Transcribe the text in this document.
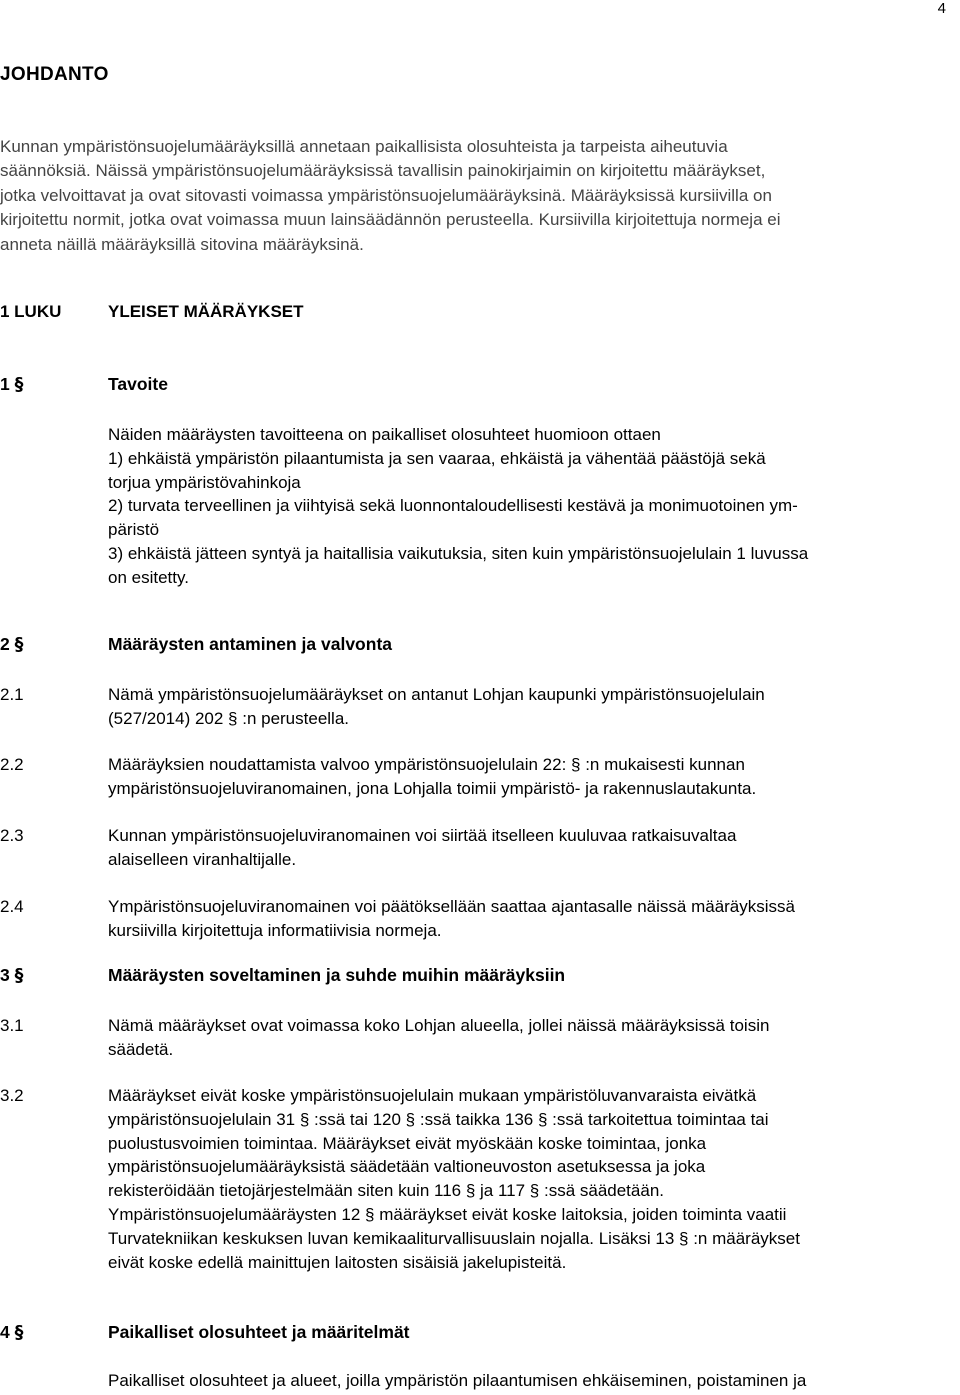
4
JOHDANTO

Kunnan ympäristönsuojelumääräyksillä annetaan paikallisista olosuhteista ja tarpeista aiheutuvia

säännöksiä. Näissä ympäristönsuojelumääräyksissä tavallisin painokirjaimin on kirjoitettu määräykset,

jotka velvoittavat ja ovat sitovasti voimassa ympäristönsuojelumääräyksinä. Määräyksissä kursiivilla on

kirjoitettu normit, jotka ovat voimassa muun lainsäädännön perusteella. Kursiivilla kirjoitettuja normeja ei

anneta näillä määräyksillä sitovina määräyksinä.

1 LUKU	YLEISET MÄÄRÄYKSET
1 §	Tavoite

Näiden määräysten tavoitteena on paikalliset olosuhteet huomioon ottaen

1) ehkäistä ympäristön pilaantumista ja sen vaaraa, ehkäistä ja vähentää päästöjä sekä

torjua ympäristövahinkoja

2) turvata terveellinen ja viihtyisä sekä luonnontaloudellisesti kestävä ja monimuotoinen ym-

päristö

3) ehkäistä jätteen syntyä ja haitallisia vaikutuksia, siten kuin ympäristönsuojelulain 1 luvussa

on esitetty.

2 §	Määräysten antaminen ja valvonta
2.1	Nämä ympäristönsuojelumääräykset on antanut Lohjan kaupunki ympäristönsuojelulain

(527/2014) 202 § :n perusteella.

2.2	Määräyksien noudattamista valvoo ympäristönsuojelulain 22: § :n mukaisesti kunnan

ympäristönsuojeluviranomainen, jona Lohjalla toimii ympäristö- ja rakennuslautakunta.

2.3	Kunnan ympäristönsuojeluviranomainen voi siirtää itselleen kuuluvaa ratkaisuvaltaa

alaiselleen viranhaltijalle.

2.4	Ympäristönsuojeluviranomainen voi päätöksellään saattaa ajantasalle näissä määräyksissä

kursiivilla kirjoitettuja informatiivisia normeja.

3 §	Määräysten soveltaminen ja suhde muihin määräyksiin
3.1	Nämä määräykset ovat voimassa koko Lohjan alueella, jollei näissä määräyksissä toisin

säädetä.

3.2	Määräykset eivät koske ympäristönsuojelulain mukaan ympäristöluvanvaraista eivätkä

ympäristönsuojelulain 31 § :ssä tai 120 § :ssä taikka 136 § :ssä tarkoitettua toimintaa tai

puolustusvoimien toimintaa. Määräykset eivät myöskään koske toimintaa, jonka

ympäristönsuojelumääräyksistä säädetään valtioneuvoston asetuksessa ja joka

rekisteröidään tietojärjestelmään siten kuin 116 § ja 117 § :ssä säädetään.

Ympäristönsuojelumääräysten 12 § määräykset eivät koske laitoksia, joiden toiminta vaatii

Turvatekniikan keskuksen luvan kemikaaliturvallisuuslain nojalla. Lisäksi 13 § :n määräykset

eivät koske edellä mainittujen laitosten sisäisiä jakelupisteitä.

4 §	Paikalliset olosuhteet ja määritelmät
Paikalliset olosuhteet ja alueet, joilla ympäristön pilaantumisen ehkäiseminen, poistaminen ja
